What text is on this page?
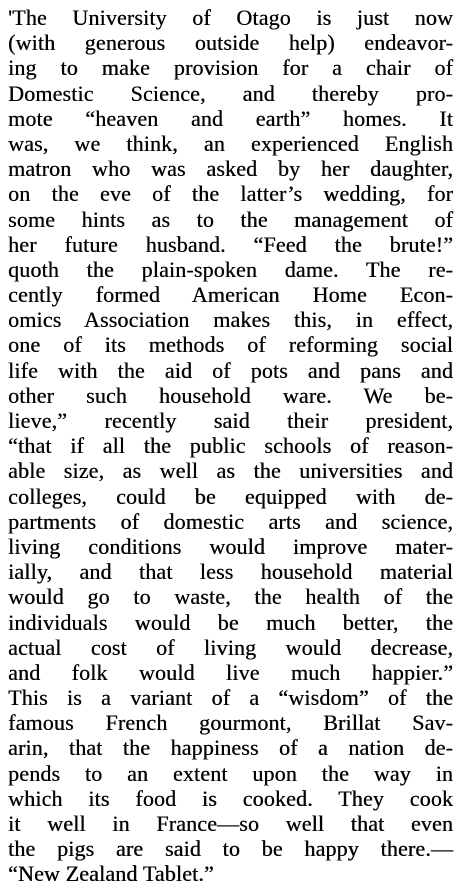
'The University of Otago is just now
(with generous outside help) endeavor-
ing to make provision for a chair of
Domestic Science, and thereby pro-
mote “heaven and earth” homes. It
was, we think, an experienced English
matron who was asked by her daughter,
on the eve of the latter’s wedding, for
some hints as to the management of
her future husband. “Feed the brute!”
quoth the plain-spoken dame. The re-
cently formed American Home Econ-
omics Association makes this, in effect,
one of its methods of reforming social
life with the aid of pots and pans and
other such household ware. We be-
lieve,” recently said their president,
“that if all the public schools of reason-
able size, as well as the universities and
colleges, could be equipped with de-
partments of domestic arts and science,
living conditions would improve mater-
ially, and that less household material
would go to waste, the health of the
individuals would be much better, the
actual cost of living would decrease,
and folk would live much happier.”
This is a variant of a “wisdom” of the
famous French gourmont, Brillat Sav-
arin, that the happiness of a nation de-
pends to an extent upon the way in
which its food is cooked. They cook
it well in France—so well that even
the pigs are said to be happy there.—
“New Zealand Tablet.”
